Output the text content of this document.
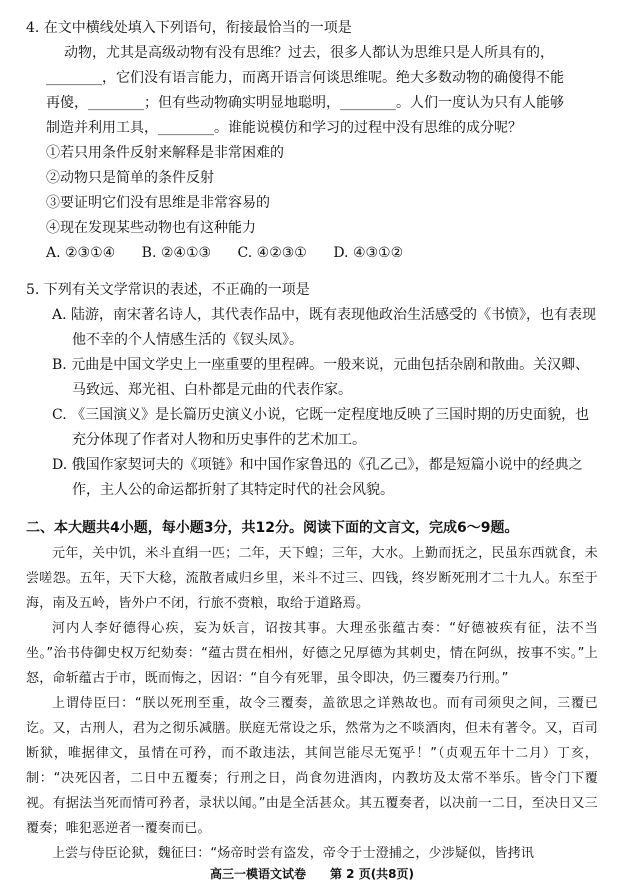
4. 在文中横线处填入下列语句，衔接最恰当的一项是

动物，尤其是高级动物有没有思维？过去，很多人都认为思维只是人所具有的，

________，它们没有语言能力，而离开语言何谈思维呢。绝大多数动物的确傻得不能

再傻，________；但有些动物确实明显地聪明，________。人们一度认为只有人能够

制造并利用工具，________。谁能说模仿和学习的过程中没有思维的成分呢？

①若只用条件反射来解释是非常困难的

②动物只是简单的条件反射

③要证明它们没有思维是非常容易的

④现在发现某些动物也有这种能力

A. ②③①④ B. ②④①③ C. ④②③① D. ④③①②

5. 下列有关文学常识的表述，不正确的一项是

A. 陆游，南宋著名诗人，其代表作品中，既有表现他政治生活感受的《书愤》，也有表现他不幸的个人情感生活的《钗头凤》。

B. 元曲是中国文学史上一座重要的里程碑。一般来说，元曲包括杂剧和散曲。关汉卿、马致远、郑光祖、白朴都是元曲的代表作家。

C. 《三国演义》是长篇历史演义小说，它既一定程度地反映了三国时期的历史面貌，也充分体现了作者对人物和历史事件的艺术加工。

D. 俄国作家契诃夫的《项链》和中国作家鲁迅的《孔乙己》，都是短篇小说中的经典之作，主人公的命运都折射了其特定时代的社会风貌。

二、本大题共4小题，每小题3分，共12分。阅读下面的文言文，完成6～9题。

元年，关中饥，米斗直绢一匹；二年，天下蝗；三年，大水。上勤而抚之，民虽东西就食，未尝嗟怨。五年，天下大稔，流散者咸归乡里，米斗不过三、四钱，终岁断死刑才二十九人。东至于海，南及五岭，皆外户不闭，行旅不赍粮，取给于道路焉。

河内人李好德得心疾，妄为妖言，诏按其事。大理丞张蕴古奏：“好德被疾有征，法不当坐。”治书侍御史权万纪劾奏：“蕴古贯在相州，好德之兄厚德为其刺史，情在阿纵，按事不实。”上怒，命斩蕴古于市，既而悔之，因诏：“自今有死罪，虽令即决，仍三覆奏乃行刑。”

上谓侍臣曰：“朕以死刑至重，故令三覆奏，盖欲思之详熟故也。而有司须臾之间，三覆已讫。又，古刑人，君为之彻乐减膳。朕庭无常设之乐，然常为之不啖酒肉，但未有著令。又，百司断狱，唯据律文，虽情在可矜，而不敢违法，其间岂能尽无冤乎！”（贞观五年十二月）丁亥，制：“决死囚者，二日中五覆奏；行刑之日，尚食勿进酒肉，内教坊及太常不举乐。皆令门下覆视。有据法当死而情可矜者，录状以闻。”由是全活甚众。其五覆奏者，以决前一二日，至决日又三覆奏；唯犯恶逆者一覆奏而已。

上尝与侍臣论狱，魏征曰：“炀帝时尝有盗发，帝令于士澄捕之，少涉疑似，皆拷讯

高三一模语文试卷　　第 2 页(共8页)
